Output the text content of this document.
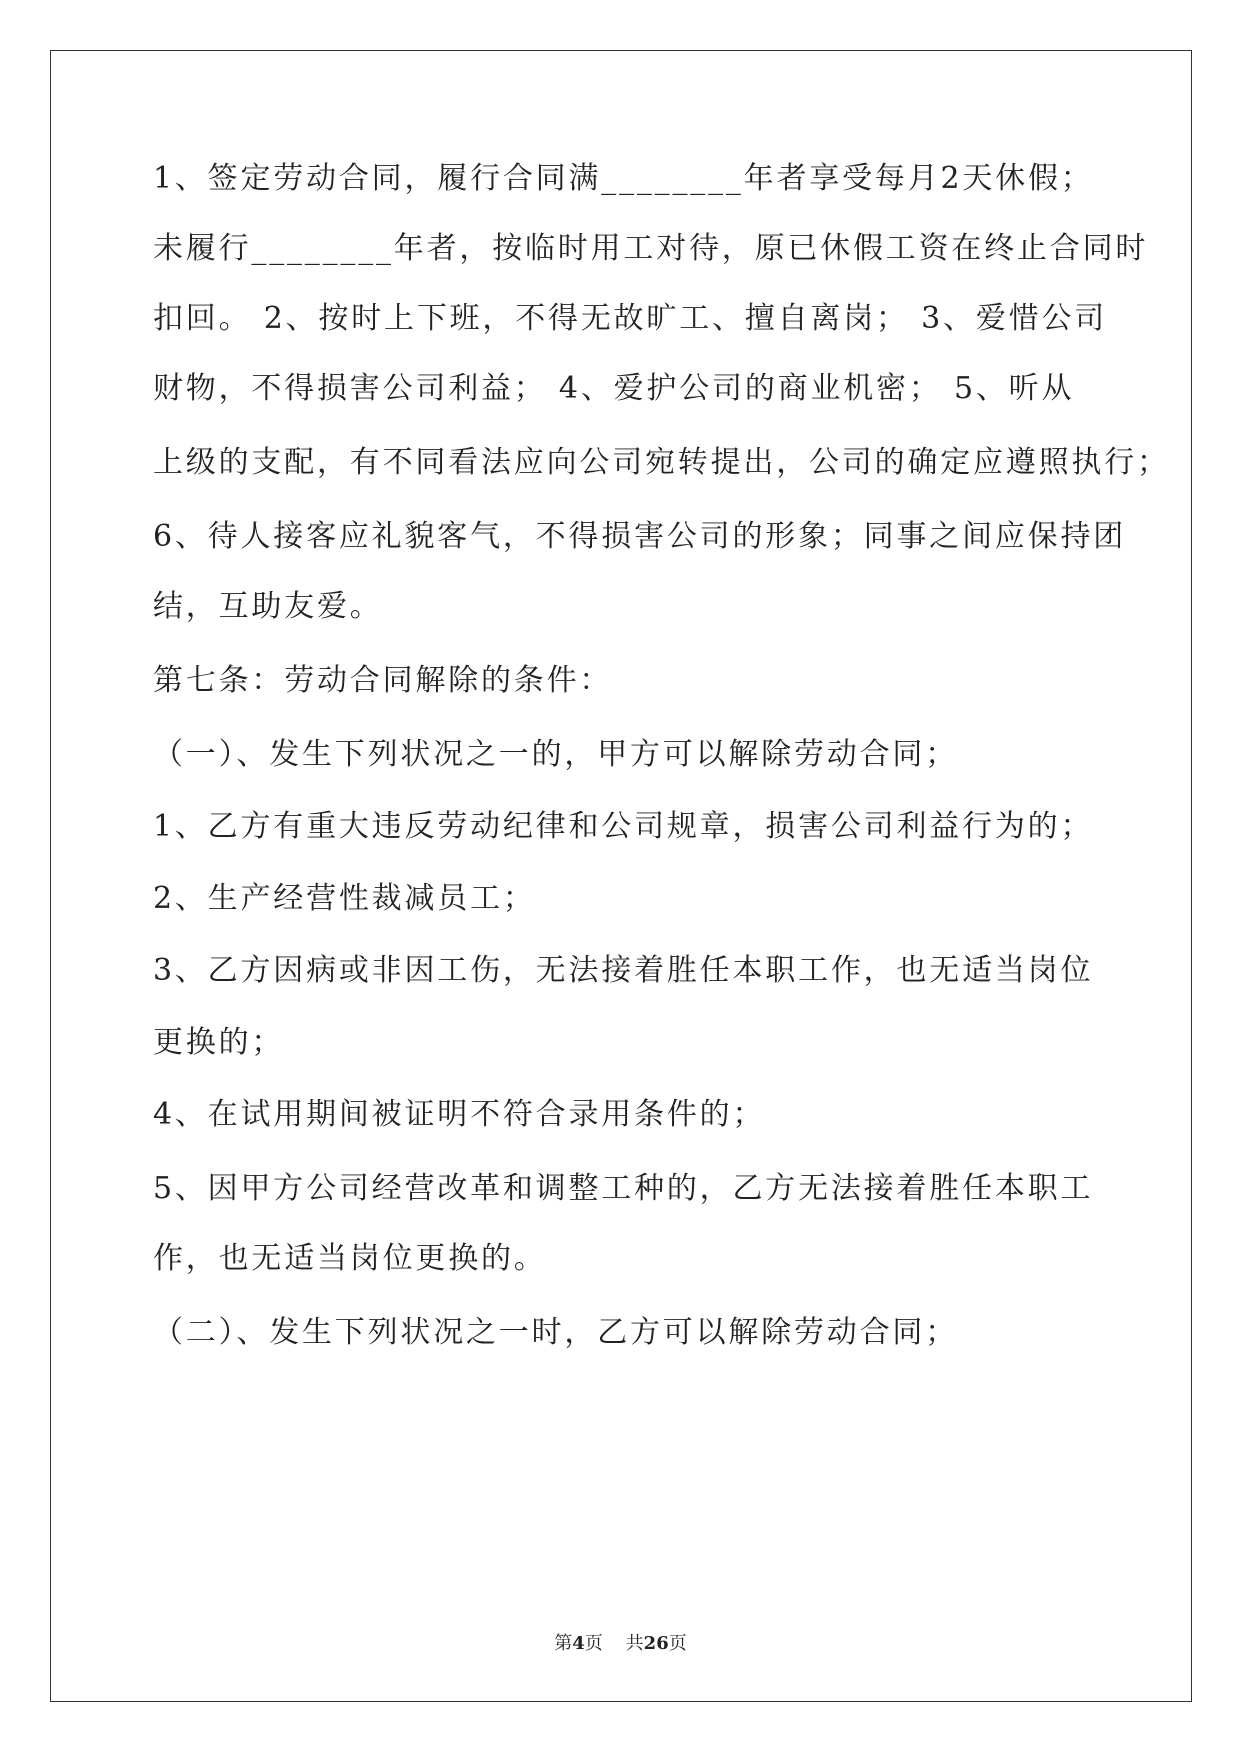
1、签定劳动合同，履行合同满________年者享受每月2天休假；
未履行________年者，按临时用工对待，原已休假工资在终止合同时
扣回。 2、按时上下班，不得无故旷工、擅自离岗； 3、爱惜公司
财物，不得损害公司利益； 4、爱护公司的商业机密； 5、听从
上级的支配，有不同看法应向公司宛转提出，公司的确定应遵照执行；
6、待人接客应礼貌客气，不得损害公司的形象；同事之间应保持团
结，互助友爱。
第七条：劳动合同解除的条件：
（一）、发生下列状况之一的，甲方可以解除劳动合同；
1、乙方有重大违反劳动纪律和公司规章，损害公司利益行为的；
2、生产经营性裁减员工；
3、乙方因病或非因工伤，无法接着胜任本职工作，也无适当岗位
更换的；
4、在试用期间被证明不符合录用条件的；
5、因甲方公司经营改革和调整工种的，乙方无法接着胜任本职工
作，也无适当岗位更换的。
（二）、发生下列状况之一时，乙方可以解除劳动合同；
第4页 共26页
